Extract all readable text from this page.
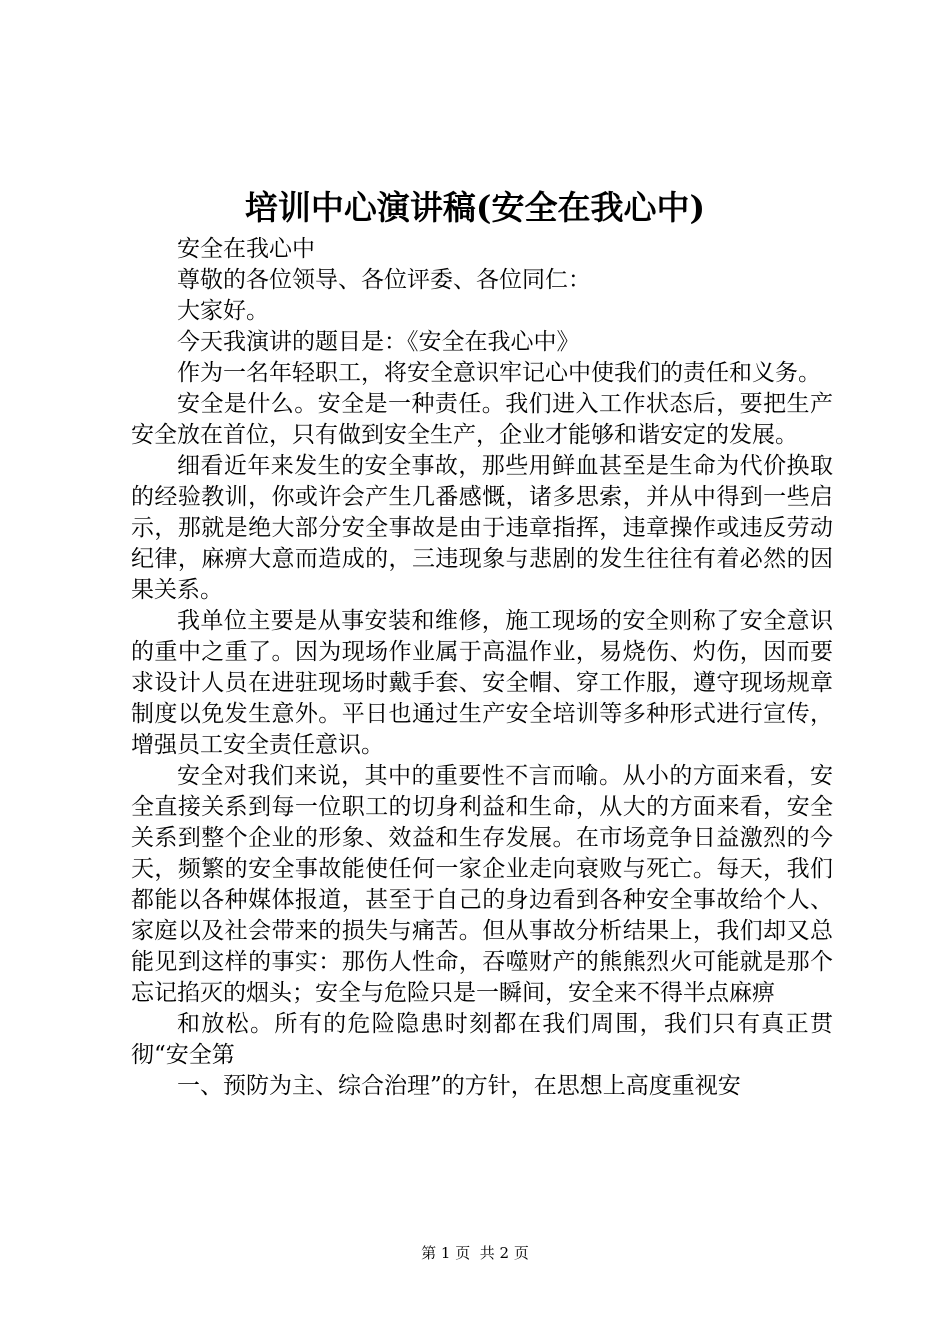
培训中心演讲稿(安全在我心中)

安全在我心中

尊敬的各位领导、各位评委、各位同仁：

大家好。

今天我演讲的题目是：《安全在我心中》

作为一名年轻职工，将安全意识牢记心中使我们的责任和义务。

安全是什么。安全是一种责任。我们进入工作状态后，要把生产安全放在首位，只有做到安全生产，企业才能够和谐安定的发展。

细看近年来发生的安全事故，那些用鲜血甚至是生命为代价换取的经验教训，你或许会产生几番感慨，诸多思索，并从中得到一些启示，那就是绝大部分安全事故是由于违章指挥，违章操作或违反劳动纪律，麻痹大意而造成的，三违现象与悲剧的发生往往有着必然的因果关系。

我单位主要是从事安装和维修，施工现场的安全则称了安全意识的重中之重了。因为现场作业属于高温作业，易烧伤、灼伤，因而要求设计人员在进驻现场时戴手套、安全帽、穿工作服，遵守现场规章制度以免发生意外。平日也通过生产安全培训等多种形式进行宣传，增强员工安全责任意识。

安全对我们来说，其中的重要性不言而喻。从小的方面来看，安全直接关系到每一位职工的切身利益和生命，从大的方面来看，安全关系到整个企业的形象、效益和生存发展。在市场竞争日益激烈的今天，频繁的安全事故能使任何一家企业走向衰败与死亡。每天，我们都能以各种媒体报道，甚至于自己的身边看到各种安全事故给个人、家庭以及社会带来的损失与痛苦。但从事故分析结果上，我们却又总能见到这样的事实：那伤人性命，吞噬财产的熊熊烈火可能就是那个忘记掐灭的烟头；安全与危险只是一瞬间，安全来不得半点麻痹

和放松。所有的危险隐患时刻都在我们周围，我们只有真正贯彻“安全第

一、预防为主、综合治理”的方针，在思想上高度重视安

第 1 页  共 2 页
